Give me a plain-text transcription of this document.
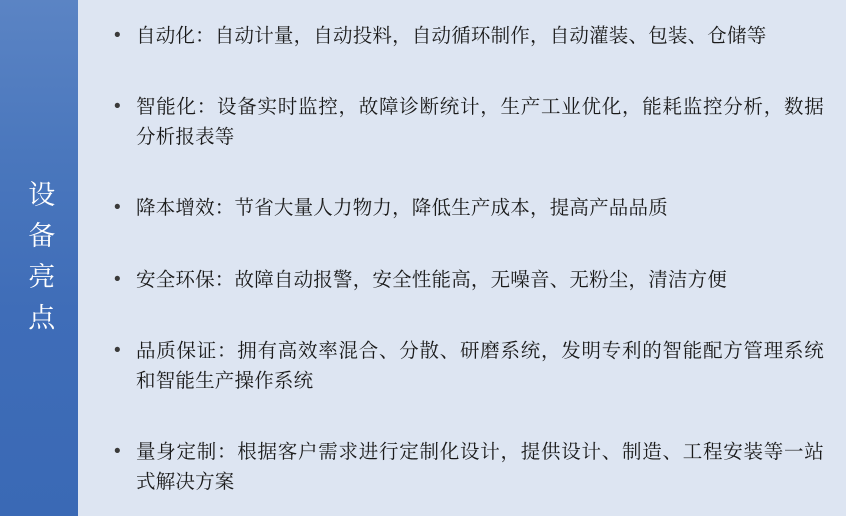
设备亮点
• 自动化：自动计量，自动投料，自动循环制作，自动灌装、包装、仓储等
• 智能化：设备实时监控，故障诊断统计，生产工业优化，能耗监控分析，数据分析报表等
• 降本增效：节省大量人力物力，降低生产成本，提高产品品质
• 安全环保：故障自动报警，安全性能高，无噪音、无粉尘，清洁方便
• 品质保证：拥有高效率混合、分散、研磨系统，发明专利的智能配方管理系统和智能生产操作系统
• 量身定制：根据客户需求进行定制化设计，提供设计、制造、工程安装等一站式解决方案
